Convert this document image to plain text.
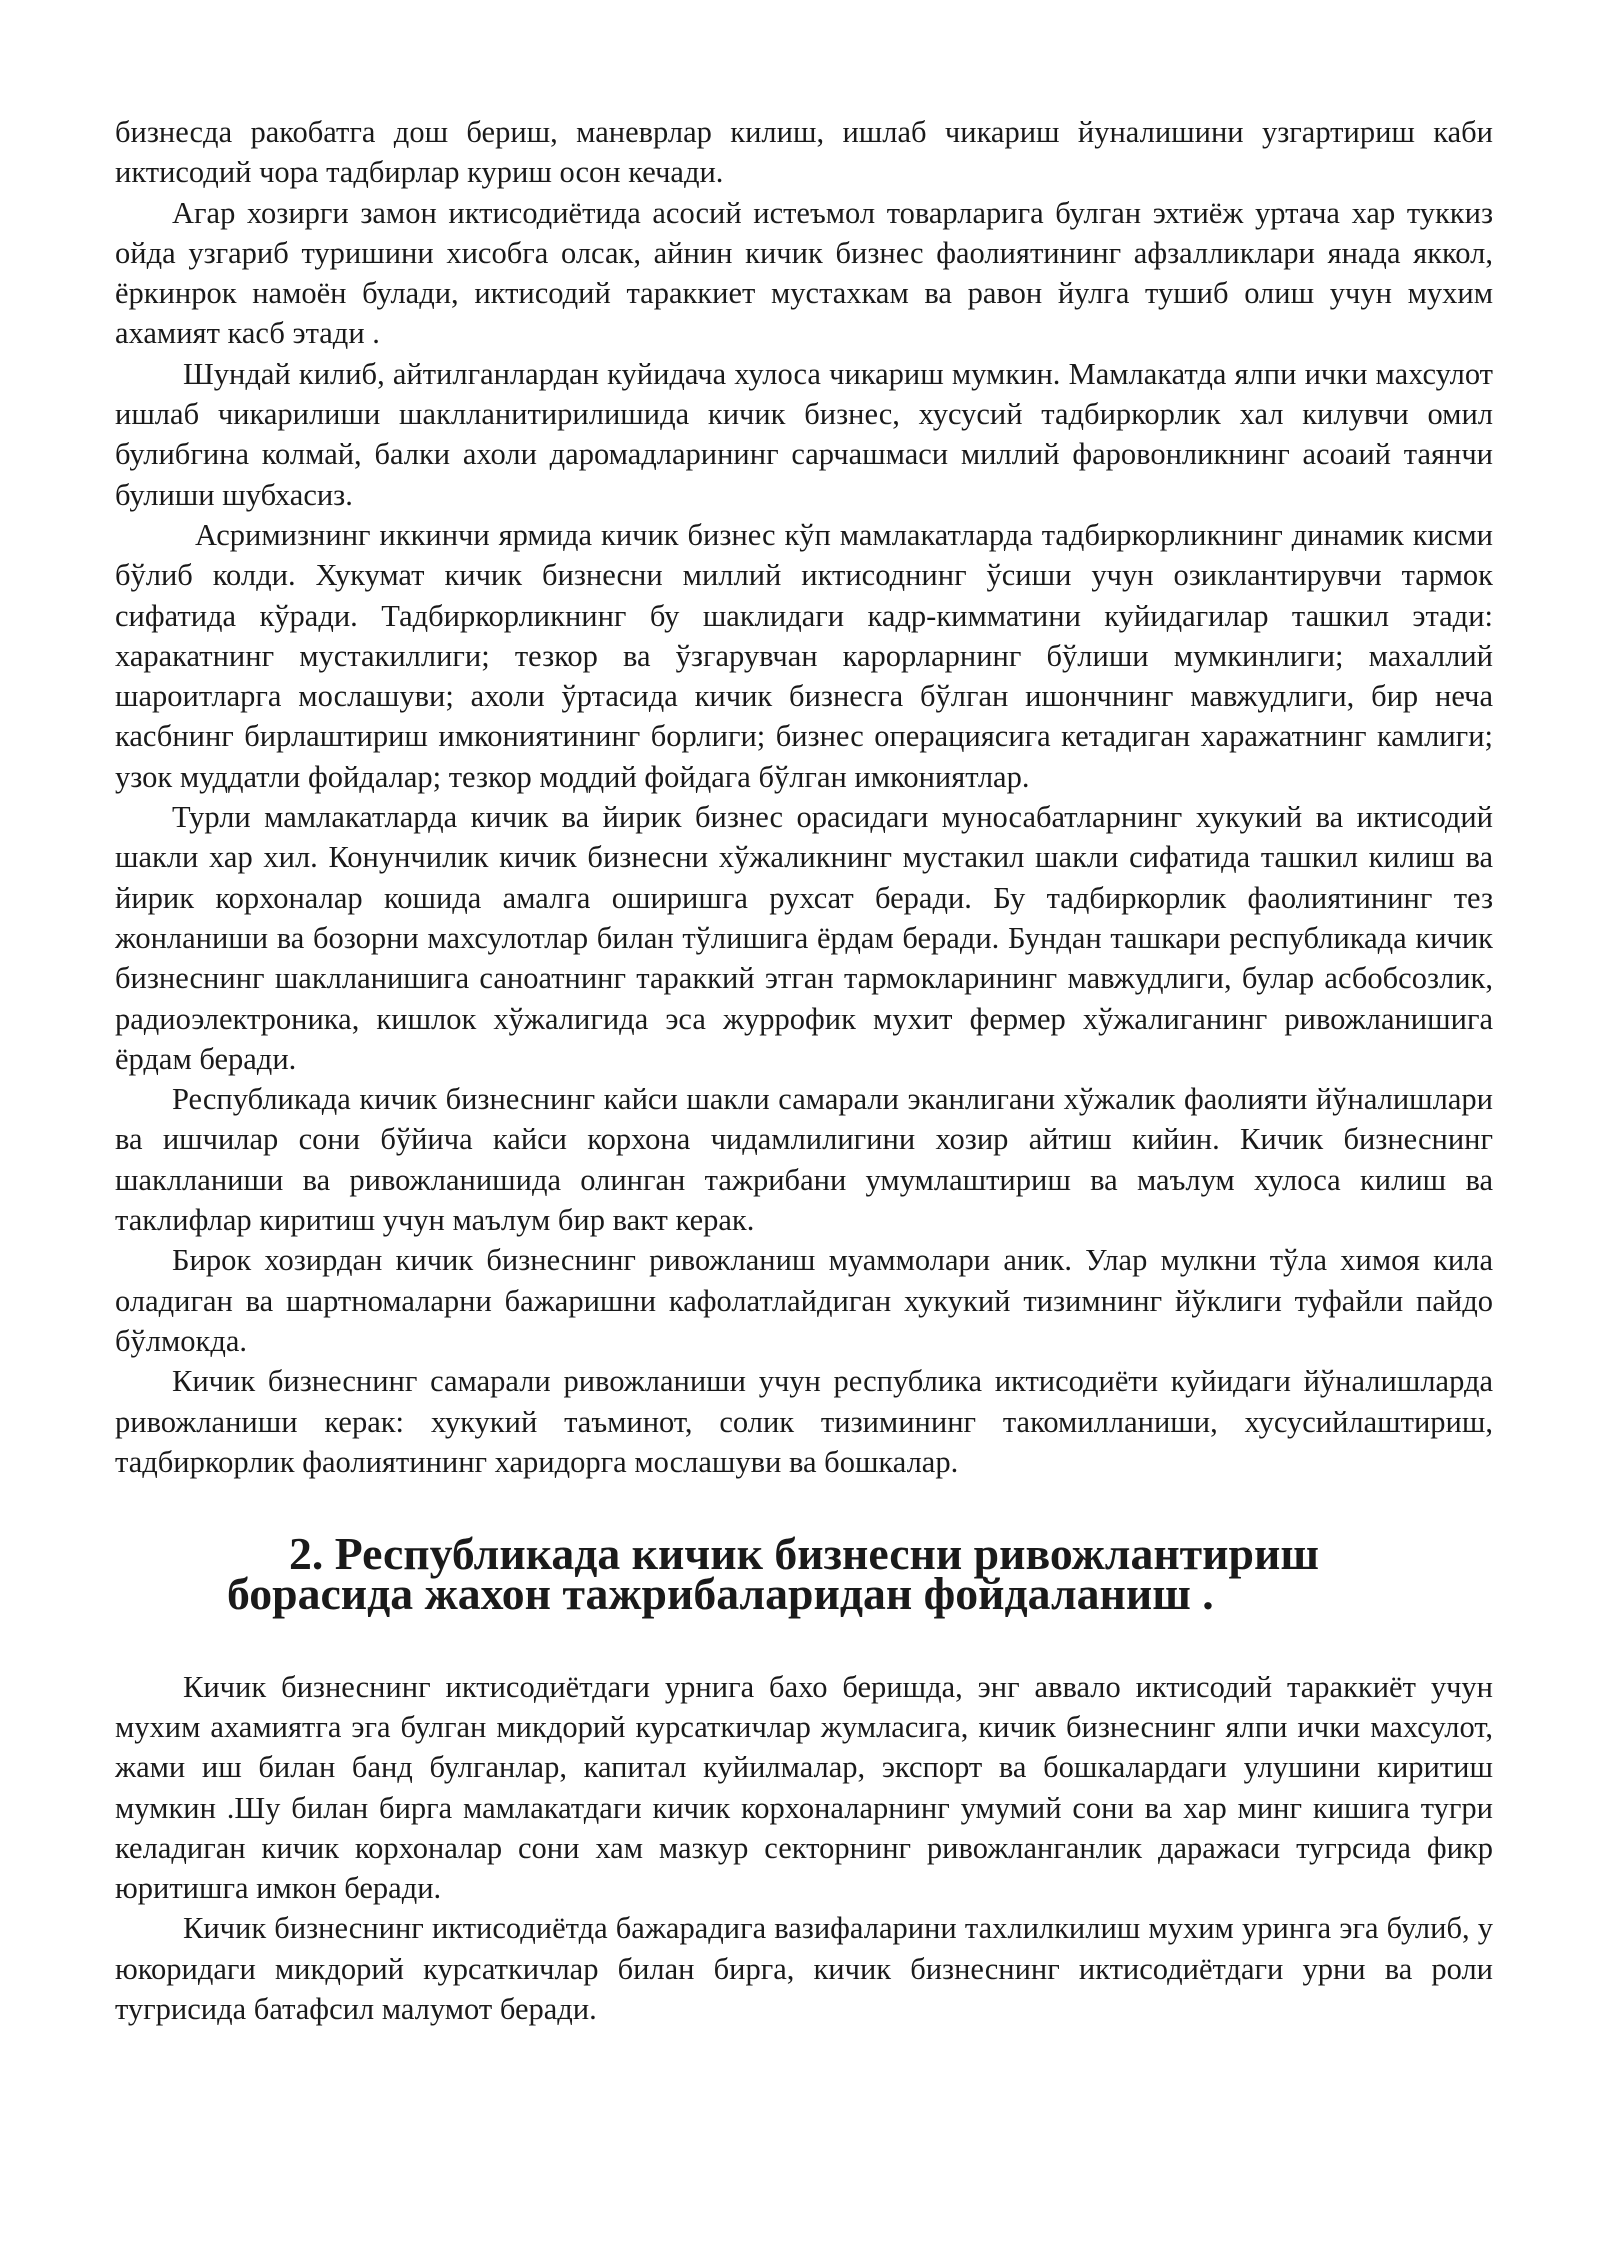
бизнесда ракобатга дош бериш, маневрлар килиш, ишлаб чикариш йуналишини узгартириш каби иктисодий чора тадбирлар куриш осон кечади.

Агар хозирги замон иктисодиётида асосий истеъмол товарларига булган эхтиёж уртача хар туккиз ойда узгариб туришини хисобга олсак, айнин кичик бизнес фаолиятининг афзалликлари янада яккол, ёркинрок намоён булади, иктисодий тараккиет мустахкам ва равон йулга тушиб олиш учун мухим ахамият касб этади .

Шундай килиб, айтилганлардан куйидача хулоса чикариш мумкин. Мамлакатда ялпи ички махсулот ишлаб чикарилиши шаклланитирилишида кичик бизнес, хусусий тадбиркорлик хал килувчи омил булибгина колмай, балки ахоли даромадларининг сарчашмаси миллий фаровонликнинг асоаий таянчи булиши шубхасиз.

Асримизнинг иккинчи ярмида кичик бизнес кўп мамлакатларда тадбиркорликнинг динамик кисми бўлиб колди. Хукумат кичик бизнесни миллий иктисоднинг ўсиши учун озиклантирувчи тармок сифатида кўради. Тадбиркорликнинг бу шаклидаги кадр-кимматини куйидагилар ташкил этади: харакатнинг мустакиллиги; тезкор ва ўзгарувчан карорларнинг бўлиши мумкинлиги; махаллий шароитларга мослашуви; ахоли ўртасида кичик бизнесга бўлган ишончнинг мавжудлиги, бир неча касбнинг бирлаштириш имкониятининг борлиги; бизнес операциясига кетадиган харажатнинг камлиги; узок муддатли фойдалар; тезкор моддий фойдага бўлган имкониятлар.

Турли мамлакатларда кичик ва йирик бизнес орасидаги муносабатларнинг хукукий ва иктисодий шакли хар хил. Конунчилик кичик бизнесни хўжаликнинг мустакил шакли сифатида ташкил килиш ва йирик корхоналар кошида амалга оширишга рухсат беради. Бу тадбиркорлик фаолиятининг тез жонланиши ва бозорни махсулотлар билан тўлишига ёрдам беради. Бундан ташкари республикада кичик бизнеснинг шаклланишига саноатнинг тараккий этган тармокларининг мавжудлиги, булар асбобсозлик, радиоэлектроника, кишлок хўжалигида эса журрофик мухит фермер хўжалиганинг ривожланишига ёрдам беради.

Республикада кичик бизнеснинг кайси шакли самарали эканлигани хўжалик фаолияти йўналишлари ва ишчилар сони бўйича кайси корхона чидамлилигини хозир айтиш кийин. Кичик бизнеснинг шаклланиши ва ривожланишида олинган тажрибани умумлаштириш ва маълум хулоса килиш ва таклифлар киритиш учун маълум бир вакт керак.

Бирок хозирдан кичик бизнеснинг ривожланиш муаммолари аник. Улар мулкни тўла химоя кила оладиган ва шартномаларни бажаришни кафолатлайдиган хукукий тизимнинг йўклиги туфайли пайдо бўлмокда.

Кичик бизнеснинг самарали ривожланиши учун республика иктисодиёти куйидаги йўналишларда ривожланиши керак: хукукий таъминот, солик тизимининг такомилланиши, хусусийлаштириш, тадбиркорлик фаолиятининг харидорга мослашуви ва бошкалар.

2. Республикада кичик бизнесни ривожлантириш борасида жахон тажрибаларидан фойдаланиш .

Кичик бизнеснинг иктисодиётдаги урнига бахо беришда, энг аввало иктисодий тараккиёт учун мухим ахамиятга эга булган микдорий курсаткичлар жумласига, кичик бизнеснинг ялпи ички махсулот, жами иш билан банд булганлар, капитал куйилмалар, экспорт ва бошкалардаги улушини киритиш мумкин .Шу билан бирга мамлакатдаги кичик корхоналарнинг умумий сони ва хар минг кишига тугри келадиган кичик корхоналар сони хам мазкур секторнинг ривожланганлик даражаси тугрсида фикр юритишга имкон беради.

Кичик бизнеснинг иктисодиётда бажарадига вазифаларини тахлилкилиш мухим уринга эга булиб, у юкоридаги микдорий курсаткичлар билан бирга, кичик бизнеснинг иктисодиётдаги урни ва роли тугрисида батафсил малумот беради.
